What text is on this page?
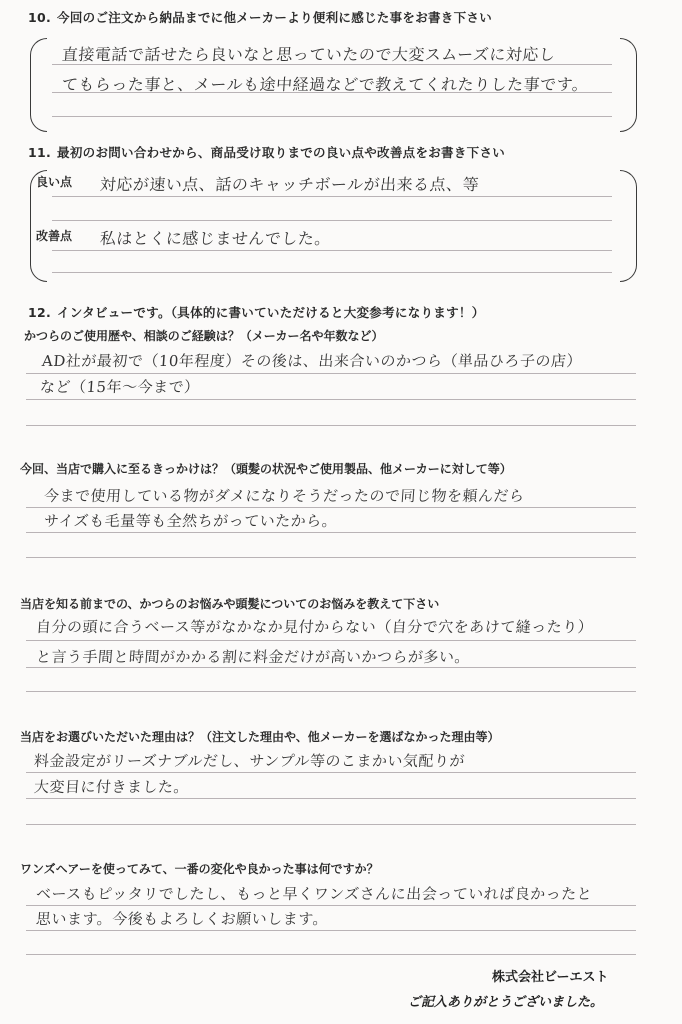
10. 今回のご注文から納品までに他メーカーより便利に感じた事をお書き下さい
直接電話で話せたら良いなと思っていたので大変スムーズに対応し
てもらった事と、メールも途中経過などで教えてくれたりした事です。
11. 最初のお問い合わせから、商品受け取りまでの良い点や改善点をお書き下さい
良い点 対応が速い点、話のキャッチボールが出来る点、等
改善点 私はとくに感じませんでした。
12. インタビューです。（具体的に書いていただけると大変参考になります！）
かつらのご使用歴や、相談のご経験は？（メーカー名や年数など）
AD社が最初で（10年程度）その後は、出来合いのかつら（単品ひろ子の店）
など（15年～今まで）
今回、当店で購入に至るきっかけは？（頭髪の状況やご使用製品、他メーカーに対して等）
今まで使用している物がダメになりそうだったので同じ物を頼んだら
サイズも毛量等も全然ちがっていたから。
当店を知る前までの、かつらのお悩みや頭髪についてのお悩みを教えて下さい
自分の頭に合うベース等がなかなか見付からない（自分で穴をあけて縫ったり）
と言う手間と時間がかかる割に料金だけが高いかつらが多い。
当店をお選びいただいた理由は？（注文した理由や、他メーカーを選ばなかった理由等）
料金設定がリーズナブルだし、サンプル等のこまかい気配りが
大変目に付きました。
ワンズヘアーを使ってみて、一番の変化や良かった事は何ですか？
ベースもピッタリでしたし、もっと早くワンズさんに出会っていれば良かったと
思います。今後もよろしくお願いします。
株式会社ビーエスト
ご記入ありがとうございました。
